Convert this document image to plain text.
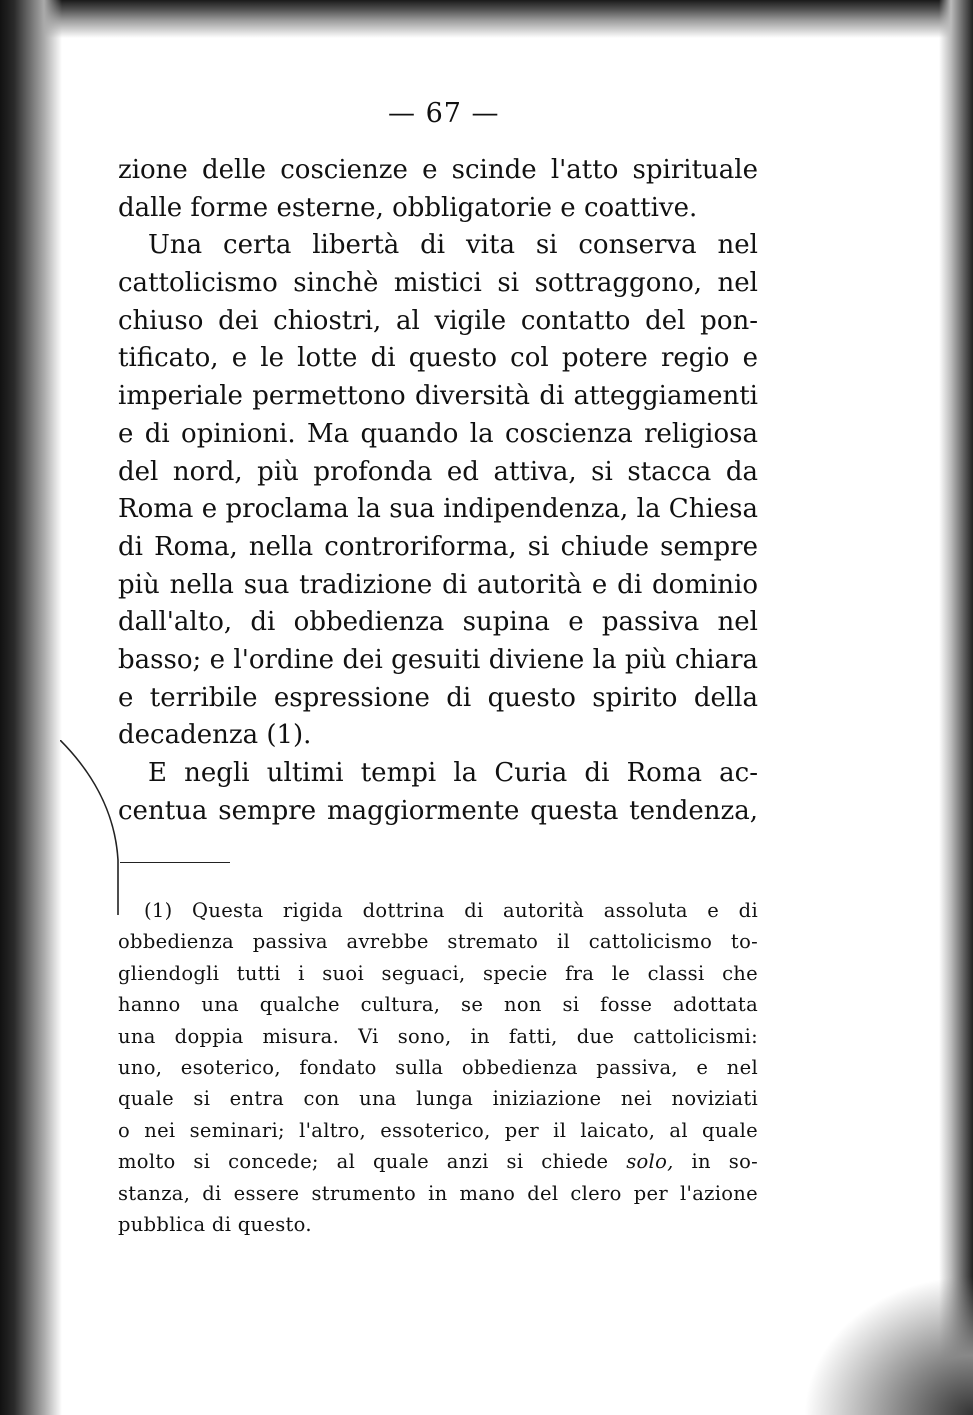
— 67 —
zione delle coscienze e scinde l'atto spirituale
dalle forme esterne, obbligatorie e coattive.
Una certa libertà di vita si conserva nel
cattolicismo sinchè mistici si sottraggono, nel
chiuso dei chiostri, al vigile contatto del pon-
tificato, e le lotte di questo col potere regio e
imperiale permettono diversità di atteggiamenti
e di opinioni. Ma quando la coscienza religiosa
del nord, più profonda ed attiva, si stacca da
Roma e proclama la sua indipendenza, la Chiesa
di Roma, nella controriforma, si chiude sempre
più nella sua tradizione di autorità e di dominio
dall'alto, di obbedienza supina e passiva nel
basso; e l'ordine dei gesuiti diviene la più chiara
e terribile espressione di questo spirito della
decadenza (1).
E negli ultimi tempi la Curia di Roma ac-
centua sempre maggiormente questa tendenza,
(1) Questa rigida dottrina di autorità assoluta e di
obbedienza passiva avrebbe stremato il cattolicismo to-
gliendogli tutti i suoi seguaci, specie fra le classi che
hanno una qualche cultura, se non si fosse adottata
una doppia misura. Vi sono, in fatti, due cattolicismi:
uno, esoterico, fondato sulla obbedienza passiva, e nel
quale si entra con una lunga iniziazione nei noviziati
o nei seminari; l'altro, essoterico, per il laicato, al quale
molto si concede; al quale anzi si chiede solo, in so-
stanza, di essere strumento in mano del clero per l'azione
pubblica di questo.
